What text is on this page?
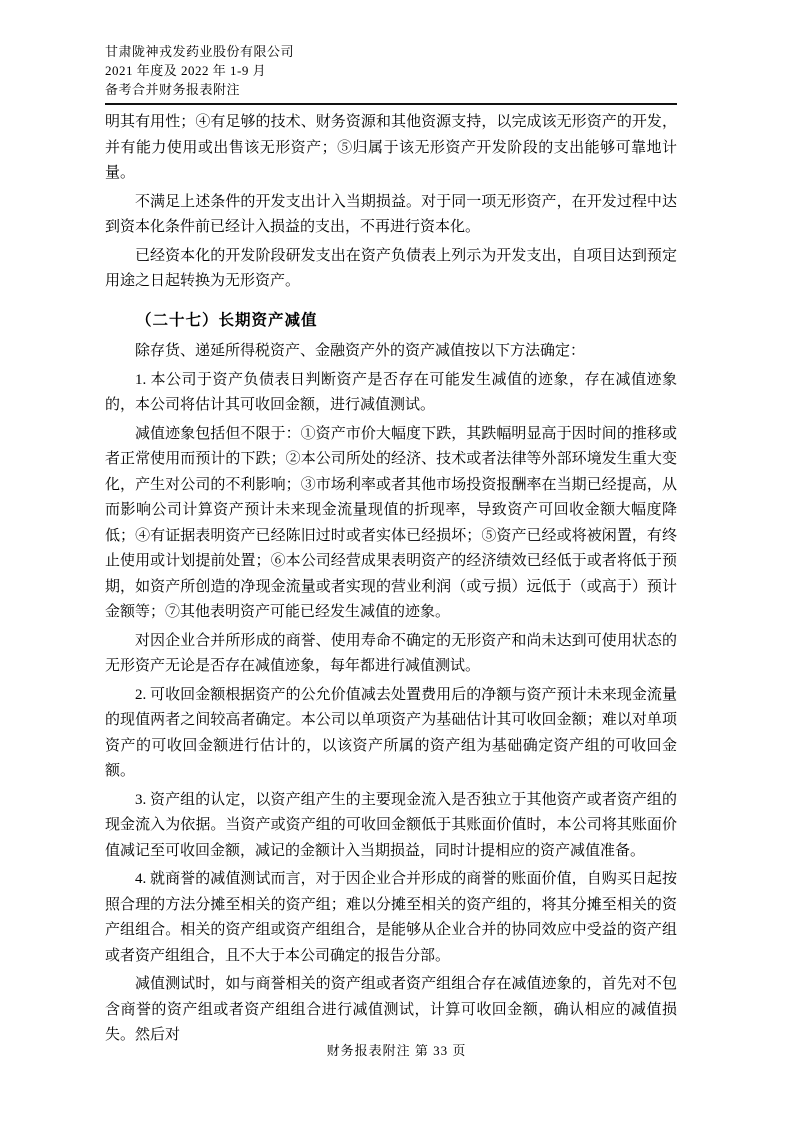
甘肃陇神戎发药业股份有限公司
2021 年度及 2022 年 1-9 月
备考合并财务报表附注

明其有用性；④有足够的技术、财务资源和其他资源支持，以完成该无形资产的开发，并有能力使用或出售该无形资产；⑤归属于该无形资产开发阶段的支出能够可靠地计量。

不满足上述条件的开发支出计入当期损益。对于同一项无形资产，在开发过程中达到资本化条件前已经计入损益的支出，不再进行资本化。

已经资本化的开发阶段研发支出在资产负债表上列示为开发支出，自项目达到预定用途之日起转换为无形资产。

（二十七）长期资产减值

除存货、递延所得税资产、金融资产外的资产减值按以下方法确定：

1. 本公司于资产负债表日判断资产是否存在可能发生减值的迹象，存在减值迹象的，本公司将估计其可收回金额，进行减值测试。

减值迹象包括但不限于：①资产市价大幅度下跌，其跌幅明显高于因时间的推移或者正常使用而预计的下跌；②本公司所处的经济、技术或者法律等外部环境发生重大变化，产生对公司的不利影响；③市场利率或者其他市场投资报酬率在当期已经提高，从而影响公司计算资产预计未来现金流量现值的折现率，导致资产可回收金额大幅度降低；④有证据表明资产已经陈旧过时或者实体已经损坏；⑤资产已经或将被闲置，有终止使用或计划提前处置；⑥本公司经营成果表明资产的经济绩效已经低于或者将低于预期，如资产所创造的净现金流量或者实现的营业利润（或亏损）远低于（或高于）预计金额等；⑦其他表明资产可能已经发生减值的迹象。

对因企业合并所形成的商誉、使用寿命不确定的无形资产和尚未达到可使用状态的无形资产无论是否存在减值迹象，每年都进行减值测试。

2. 可收回金额根据资产的公允价值减去处置费用后的净额与资产预计未来现金流量的现值两者之间较高者确定。本公司以单项资产为基础估计其可收回金额；难以对单项资产的可收回金额进行估计的，以该资产所属的资产组为基础确定资产组的可收回金额。

3. 资产组的认定，以资产组产生的主要现金流入是否独立于其他资产或者资产组的现金流入为依据。当资产或资产组的可收回金额低于其账面价值时，本公司将其账面价值减记至可收回金额，减记的金额计入当期损益，同时计提相应的资产减值准备。

4. 就商誉的减值测试而言，对于因企业合并形成的商誉的账面价值，自购买日起按照合理的方法分摊至相关的资产组；难以分摊至相关的资产组的，将其分摊至相关的资产组组合。相关的资产组或资产组组合，是能够从企业合并的协同效应中受益的资产组或者资产组组合，且不大于本公司确定的报告分部。

减值测试时，如与商誉相关的资产组或者资产组组合存在减值迹象的，首先对不包含商誉的资产组或者资产组组合进行减值测试，计算可收回金额，确认相应的减值损失。然后对

财务报表附注 第 33 页
